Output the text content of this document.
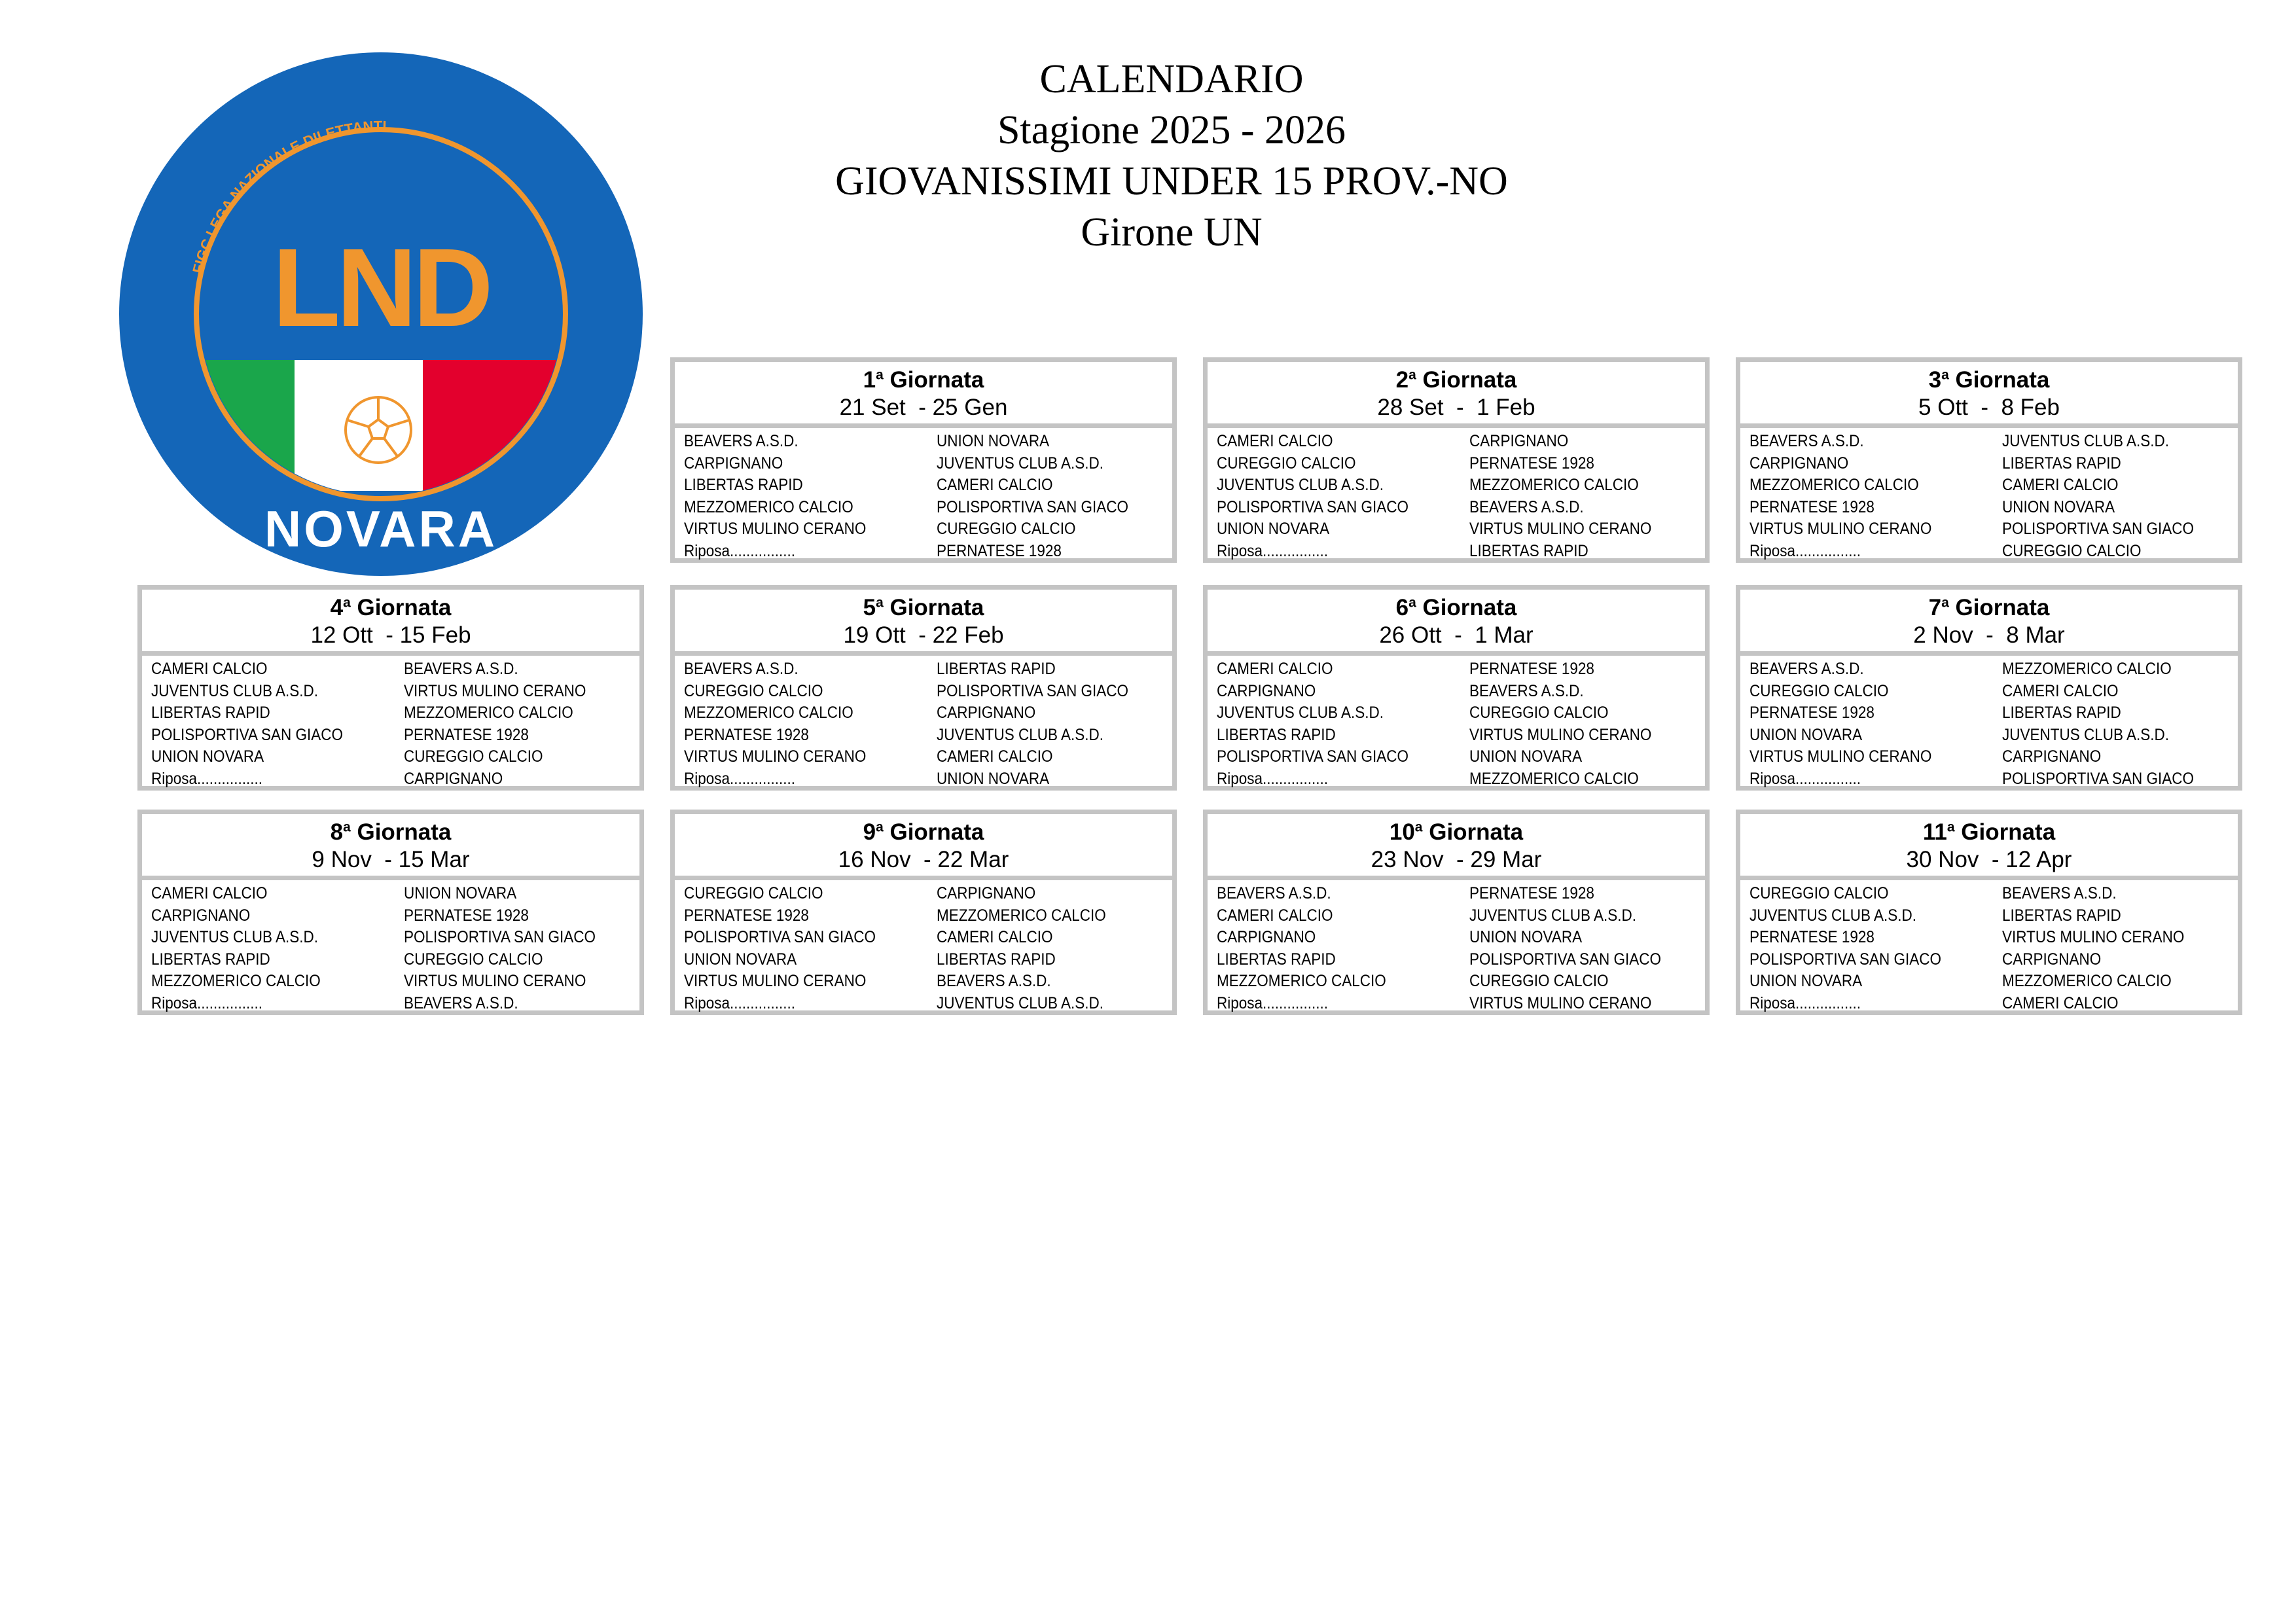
CALENDARIO
Stagione 2025 - 2026
GIOVANISSIMI UNDER 15 PROV.-NO
Girone UN
FIGC LEGA NAZIONALE DILETTANTI
LND
NOVARA
1$^a$ Giornata
21 Set  - 25 Gen
BEAVERS A.S.D.	UNION NOVARA
CARPIGNANO	JUVENTUS CLUB A.S.D.
LIBERTAS RAPID	CAMERI CALCIO
MEZZOMERICO CALCIO	POLISPORTIVA SAN GIACO
VIRTUS MULINO CERANO	CUREGGIO CALCIO
Riposa................	PERNATESE 1928
2$^a$ Giornata
28 Set  -  1 Feb
CAMERI CALCIO	CARPIGNANO
CUREGGIO CALCIO	PERNATESE 1928
JUVENTUS CLUB A.S.D.	MEZZOMERICO CALCIO
POLISPORTIVA SAN GIACO	BEAVERS A.S.D.
UNION NOVARA	VIRTUS MULINO CERANO
Riposa................	LIBERTAS RAPID
3$^a$ Giornata
5 Ott  -  8 Feb
BEAVERS A.S.D.	JUVENTUS CLUB A.S.D.
CARPIGNANO	LIBERTAS RAPID
MEZZOMERICO CALCIO	CAMERI CALCIO
PERNATESE 1928	UNION NOVARA
VIRTUS MULINO CERANO	POLISPORTIVA SAN GIACO
Riposa................	CUREGGIO CALCIO
4$^a$ Giornata
12 Ott  - 15 Feb
CAMERI CALCIO	BEAVERS A.S.D.
JUVENTUS CLUB A.S.D.	VIRTUS MULINO CERANO
LIBERTAS RAPID	MEZZOMERICO CALCIO
POLISPORTIVA SAN GIACO	PERNATESE 1928
UNION NOVARA	CUREGGIO CALCIO
Riposa................	CARPIGNANO
5$^a$ Giornata
19 Ott  - 22 Feb
BEAVERS A.S.D.	LIBERTAS RAPID
CUREGGIO CALCIO	POLISPORTIVA SAN GIACO
MEZZOMERICO CALCIO	CARPIGNANO
PERNATESE 1928	JUVENTUS CLUB A.S.D.
VIRTUS MULINO CERANO	CAMERI CALCIO
Riposa................	UNION NOVARA
6$^a$ Giornata
26 Ott  -  1 Mar
CAMERI CALCIO	PERNATESE 1928
CARPIGNANO	BEAVERS A.S.D.
JUVENTUS CLUB A.S.D.	CUREGGIO CALCIO
LIBERTAS RAPID	VIRTUS MULINO CERANO
POLISPORTIVA SAN GIACO	UNION NOVARA
Riposa................	MEZZOMERICO CALCIO
7$^a$ Giornata
2 Nov  -  8 Mar
BEAVERS A.S.D.	MEZZOMERICO CALCIO
CUREGGIO CALCIO	CAMERI CALCIO
PERNATESE 1928	LIBERTAS RAPID
UNION NOVARA	JUVENTUS CLUB A.S.D.
VIRTUS MULINO CERANO	CARPIGNANO
Riposa................	POLISPORTIVA SAN GIACO
8$^a$ Giornata
9 Nov  - 15 Mar
CAMERI CALCIO	UNION NOVARA
CARPIGNANO	PERNATESE 1928
JUVENTUS CLUB A.S.D.	POLISPORTIVA SAN GIACO
LIBERTAS RAPID	CUREGGIO CALCIO
MEZZOMERICO CALCIO	VIRTUS MULINO CERANO
Riposa................	BEAVERS A.S.D.
9$^a$ Giornata
16 Nov  - 22 Mar
CUREGGIO CALCIO	CARPIGNANO
PERNATESE 1928	MEZZOMERICO CALCIO
POLISPORTIVA SAN GIACO	CAMERI CALCIO
UNION NOVARA	LIBERTAS RAPID
VIRTUS MULINO CERANO	BEAVERS A.S.D.
Riposa................	JUVENTUS CLUB A.S.D.
10$^a$ Giornata
23 Nov  - 29 Mar
BEAVERS A.S.D.	PERNATESE 1928
CAMERI CALCIO	JUVENTUS CLUB A.S.D.
CARPIGNANO	UNION NOVARA
LIBERTAS RAPID	POLISPORTIVA SAN GIACO
MEZZOMERICO CALCIO	CUREGGIO CALCIO
Riposa................	VIRTUS MULINO CERANO
11$^a$ Giornata
30 Nov  - 12 Apr
CUREGGIO CALCIO	BEAVERS A.S.D.
JUVENTUS CLUB A.S.D.	LIBERTAS RAPID
PERNATESE 1928	VIRTUS MULINO CERANO
POLISPORTIVA SAN GIACO	CARPIGNANO
UNION NOVARA	MEZZOMERICO CALCIO
Riposa................	CAMERI CALCIO
